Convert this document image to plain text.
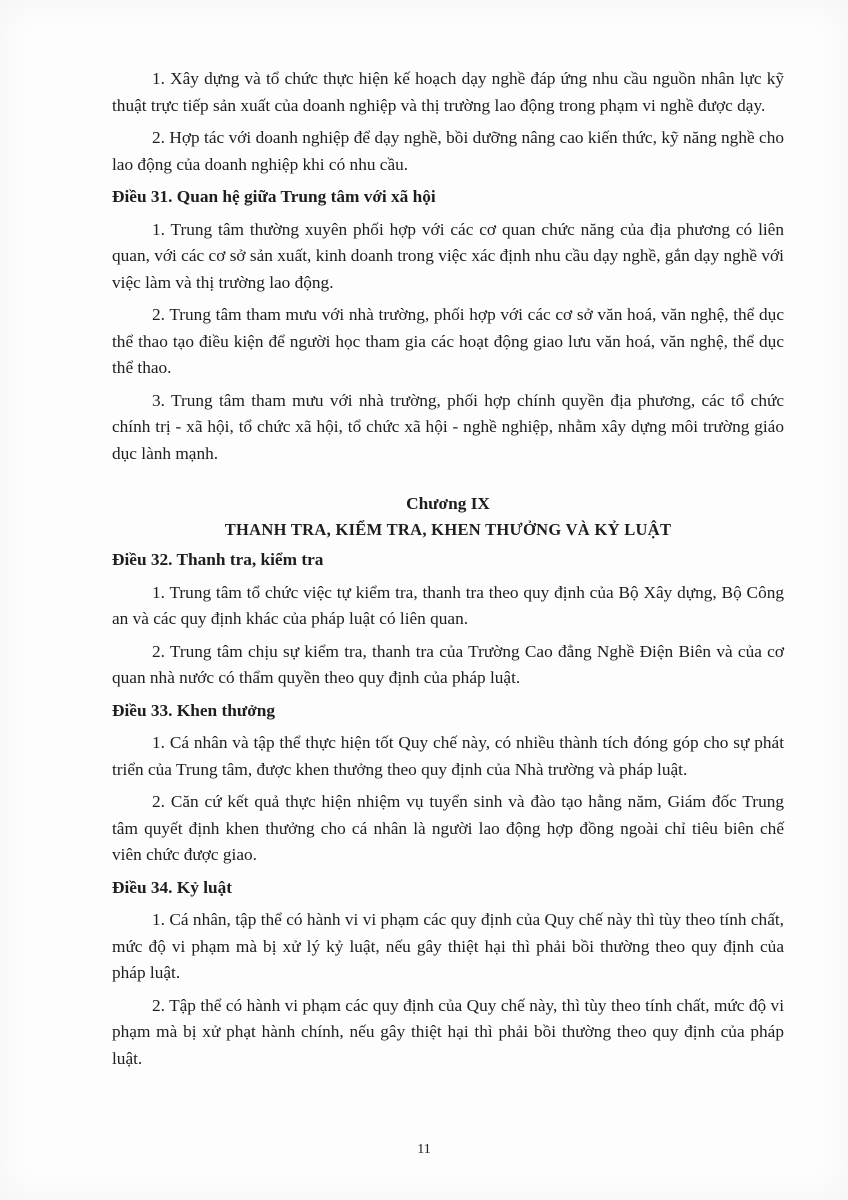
1. Xây dựng và tổ chức thực hiện kế hoạch dạy nghề đáp ứng nhu cầu nguồn nhân lực kỹ thuật trực tiếp sản xuất của doanh nghiệp và thị trường lao động trong phạm vi nghề được dạy.

2. Hợp tác với doanh nghiệp để dạy nghề, bồi dưỡng nâng cao kiến thức, kỹ năng nghề cho lao động của doanh nghiệp khi có nhu cầu.

Điều 31. Quan hệ giữa Trung tâm với xã hội

1. Trung tâm thường xuyên phối hợp với các cơ quan chức năng của địa phương có liên quan, với các cơ sở sản xuất, kinh doanh trong việc xác định nhu cầu dạy nghề, gắn dạy nghề với việc làm và thị trường lao động.

2. Trung tâm tham mưu với nhà trường, phối hợp với các cơ sở văn hoá, văn nghệ, thể dục thể thao tạo điều kiện để người học tham gia các hoạt động giao lưu văn hoá, văn nghệ, thể dục thể thao.

3. Trung tâm tham mưu với nhà trường, phối hợp chính quyền địa phương, các tổ chức chính trị - xã hội, tổ chức xã hội, tổ chức xã hội - nghề nghiệp, nhằm xây dựng môi trường giáo dục lành mạnh.

Chương IX
THANH TRA, KIỂM TRA, KHEN THƯỞNG VÀ KỶ LUẬT
Điều 32. Thanh tra, kiểm tra

1. Trung tâm tổ chức việc tự kiểm tra, thanh tra theo quy định của Bộ Xây dựng, Bộ Công an và các quy định khác của pháp luật có liên quan.

2. Trung tâm chịu sự kiểm tra, thanh tra của Trường Cao đẳng Nghề Điện Biên và của cơ quan nhà nước có thẩm quyền theo quy định của pháp luật.

Điều 33. Khen thưởng

1. Cá nhân và tập thể thực hiện tốt Quy chế này, có nhiều thành tích đóng góp cho sự phát triển của Trung tâm, được khen thưởng theo quy định của Nhà trường và pháp luật.

2. Căn cứ kết quả thực hiện nhiệm vụ tuyển sinh và đào tạo hằng năm, Giám đốc Trung tâm quyết định khen thưởng cho cá nhân là người lao động hợp đồng ngoài chỉ tiêu biên chế viên chức được giao.

Điều 34. Kỷ luật

1. Cá nhân, tập thể có hành vi vi phạm các quy định của Quy chế này thì tùy theo tính chất, mức độ vi phạm mà bị xử lý kỷ luật, nếu gây thiệt hại thì phải bồi thường theo quy định của pháp luật.

2. Tập thể có hành vi phạm các quy định của Quy chế này, thì tùy theo tính chất, mức độ vi phạm mà bị xử phạt hành chính, nếu gây thiệt hại thì phải bồi thường theo quy định của pháp luật.

11
